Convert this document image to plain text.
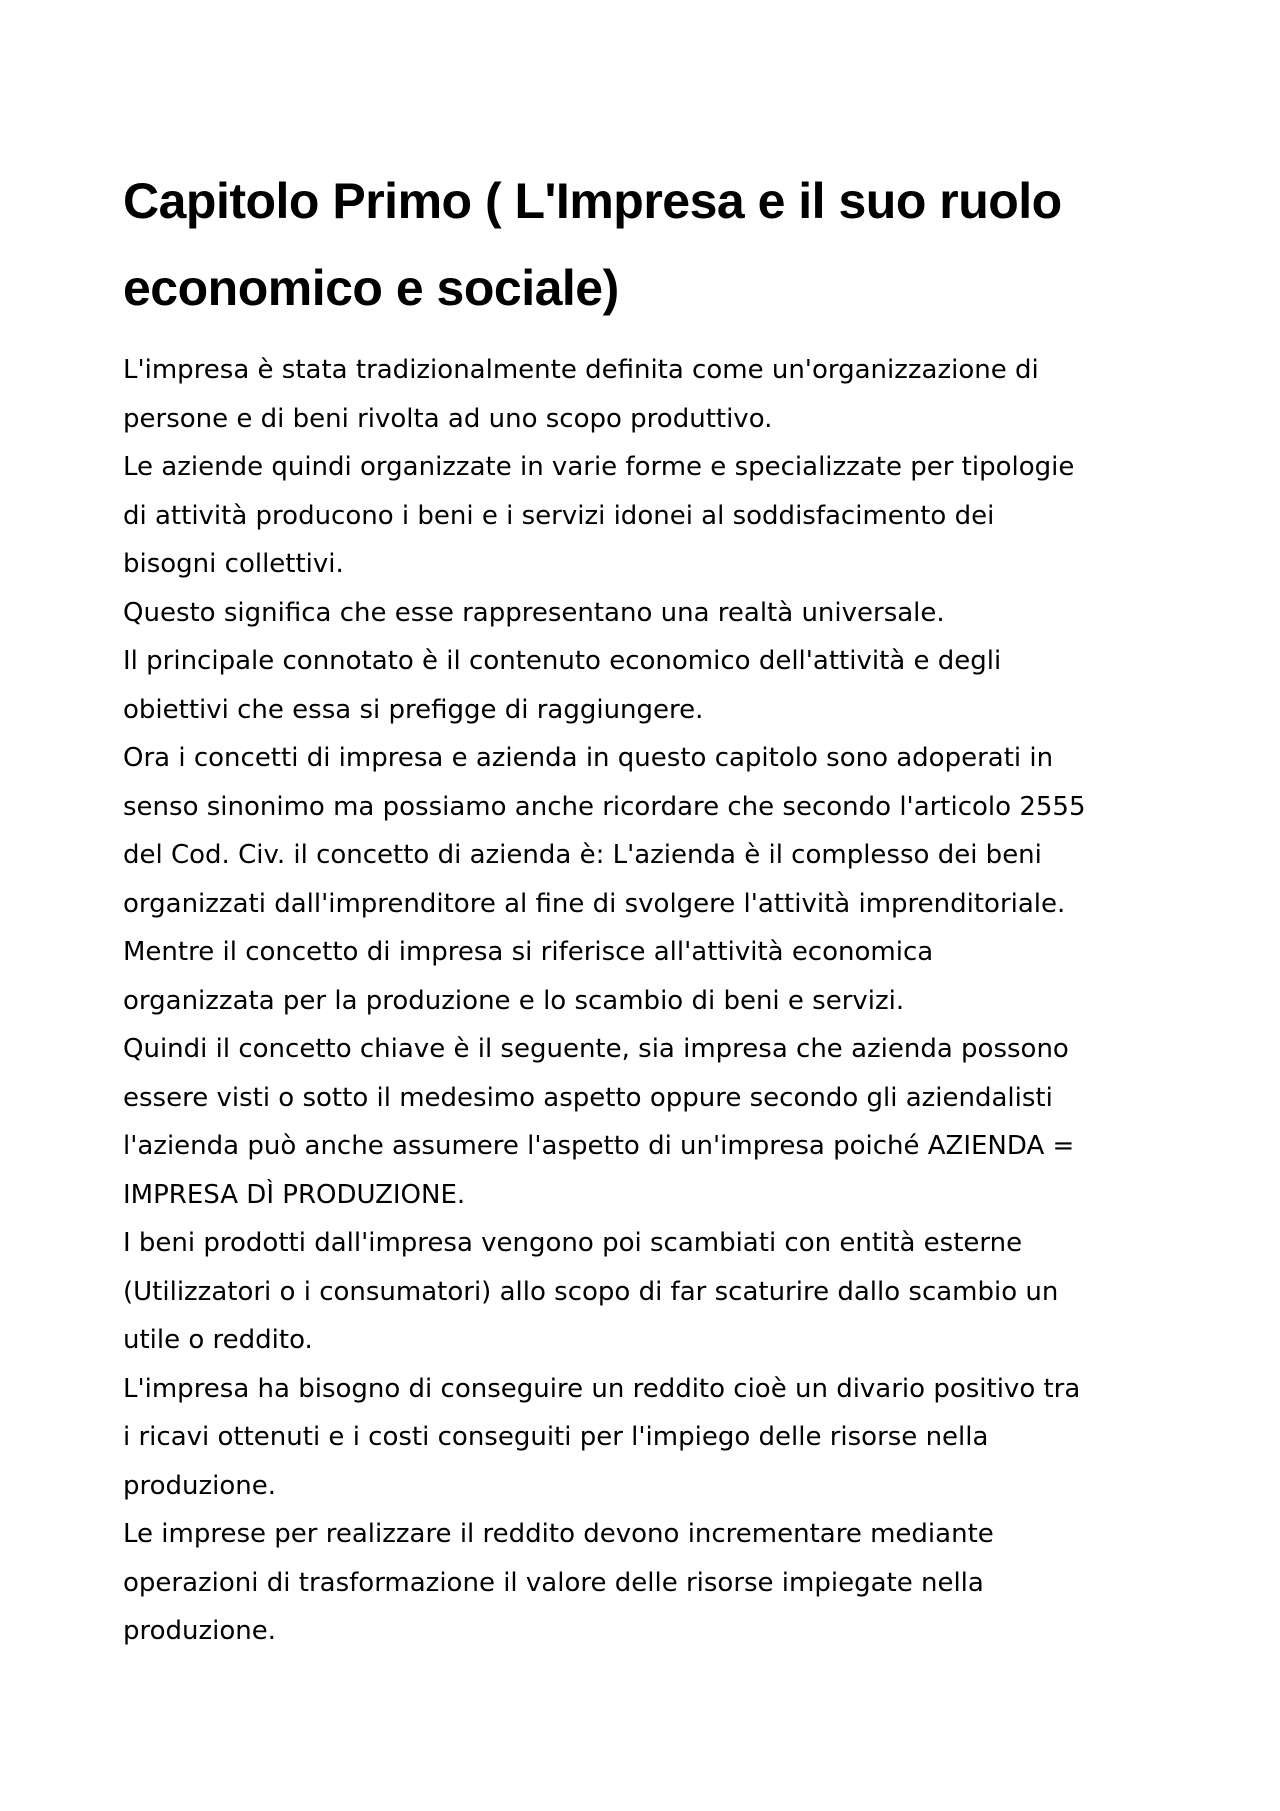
Capitolo Primo ( L'Impresa e il suo ruolo
economico e sociale)
L'impresa è stata tradizionalmente definita come un'organizzazione di
persone e di beni rivolta ad uno scopo produttivo.
Le aziende quindi organizzate in varie forme e specializzate per tipologie
di attività producono i beni e i servizi idonei al soddisfacimento dei
bisogni collettivi.
Questo significa che esse rappresentano una realtà universale.
Il principale connotato è il contenuto economico dell'attività e degli
obiettivi che essa si prefigge di raggiungere.
Ora i concetti di impresa e azienda in questo capitolo sono adoperati in
senso sinonimo ma possiamo anche ricordare che secondo l'articolo 2555
del Cod. Civ. il concetto di azienda è: L'azienda è il complesso dei beni
organizzati dall'imprenditore al fine di svolgere l'attività imprenditoriale.
Mentre il concetto di impresa si riferisce all'attività economica
organizzata per la produzione e lo scambio di beni e servizi.
Quindi il concetto chiave è il seguente, sia impresa che azienda possono
essere visti o sotto il medesimo aspetto oppure secondo gli aziendalisti
l'azienda può anche assumere l'aspetto di un'impresa poiché AZIENDA =
IMPRESA DÌ PRODUZIONE.
I beni prodotti dall'impresa vengono poi scambiati con entità esterne
(Utilizzatori o i consumatori) allo scopo di far scaturire dallo scambio un
utile o reddito.
L'impresa ha bisogno di conseguire un reddito cioè un divario positivo tra
i ricavi ottenuti e i costi conseguiti per l'impiego delle risorse nella
produzione.
Le imprese per realizzare il reddito devono incrementare mediante
operazioni di trasformazione il valore delle risorse impiegate nella
produzione.
